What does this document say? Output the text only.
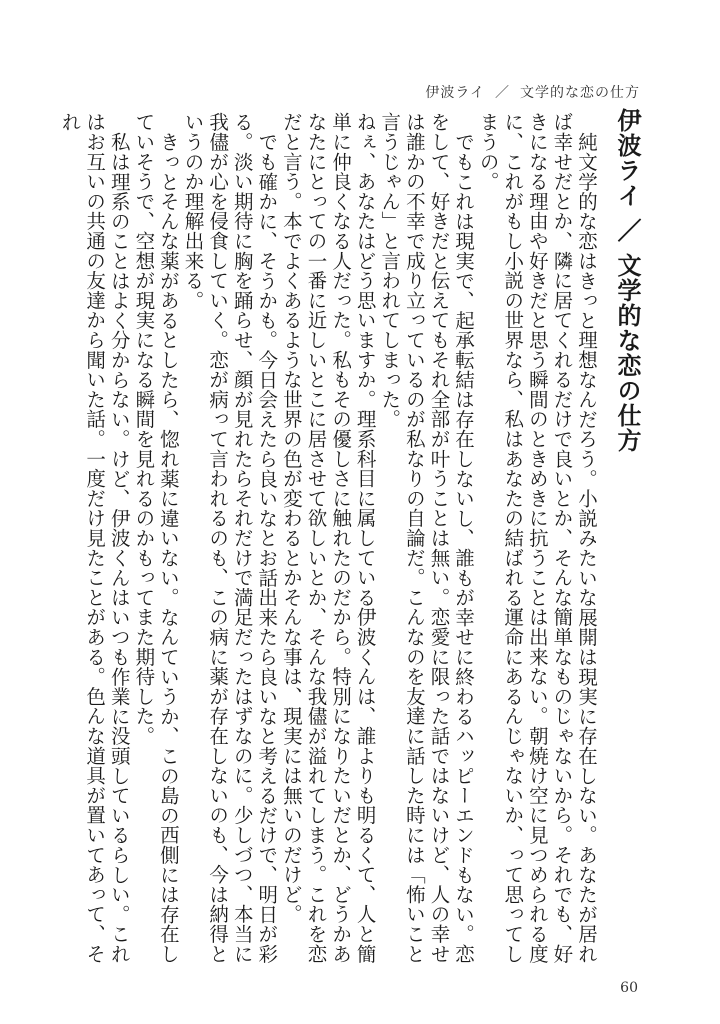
伊波ライ ／ 文学的な恋の仕方
伊波ライ／文学的な恋の仕方

純文学的な恋はきっと理想なんだろう。小説みたいな展開は現実に存在しない。あなたが居れば幸せだとか、隣に居てくれるだけで良いとか、そんな簡単なものじゃないから。それでも、好きになる理由や好きだと思う瞬間のときめきに抗うことは出来ない。朝焼け空に見つめられる度に、これがもし小説の世界なら、私はあなたの結ばれる運命にあるんじゃないか、って思ってしまうの。

でもこれは現実で、起承転結は存在しないし、誰もが幸せに終わるハッピーエンドもない。恋をして、好きだと伝えてもそれ全部が叶うことは無い。恋愛に限った話ではないけど、人の幸せは誰かの不幸で成り立っているのが私なりの自論だ。こんなのを友達に話した時には「怖いこと言うじゃん」と言われてしまった。

ねぇ、あなたはどう思いますか。理系科目に属している伊波くんは、誰よりも明るくて、人と簡単に仲良くなる人だった。私もその優しさに触れたのだから。特別になりたいだとか、どうかあなたにとっての一番に近しいとこに居させて欲しいとか、そんな我儘が溢れてしまう。これを恋だと言う。本でよくあるような世界の色が変わるとかそんな事は、現実には無いのだけど。

でも確かに、そうかも。今日会えたら良いなとお話出来たら良いなと考えるだけで、明日が彩る。淡い期待に胸を踊らせ、顔が見れたらそれだけで満足だったはずなのに。少しづつ、本当に我儘が心を侵食していく。恋が病って言われるのも、この病に薬が存在しないのも、今は納得というのか理解出来る。

きっとそんな薬があるとしたら、惚れ薬に違いない。なんていうか、この島の西側には存在していそうで、空想が現実になる瞬間を見れるのかもってまた期待した。

私は理系のことはよく分からない。けど、伊波くんはいつも作業に没頭しているらしい。これはお互いの共通の友達から聞いた話。一度だけ見たことがある。色んな道具が置いてあって、それ

60
